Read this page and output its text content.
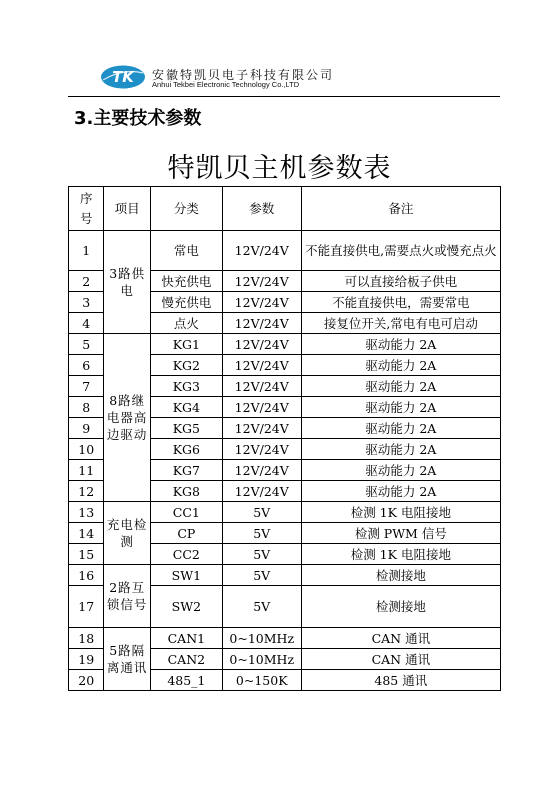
TK 安徽特凯贝电子科技有限公司
Anhui Tekbei Electronic Technology Co.,LTD
3.主要技术参数
特凯贝主机参数表
序号	项目	分类	参数	备注
1	3路供电	常电	12V/24V	不能直接供电,需要点火或慢充点火
2		快充供电	12V/24V	可以直接给板子供电
3		慢充供电	12V/24V	不能直接供电，需要常电
4		点火	12V/24V	接复位开关,常电有电可启动
5	8路继电器高边驱动	KG1	12V/24V	驱动能力 2A
6		KG2	12V/24V	驱动能力 2A
7		KG3	12V/24V	驱动能力 2A
8		KG4	12V/24V	驱动能力 2A
9		KG5	12V/24V	驱动能力 2A
10		KG6	12V/24V	驱动能力 2A
11		KG7	12V/24V	驱动能力 2A
12		KG8	12V/24V	驱动能力 2A
13	充电检测	CC1	5V	检测 1K 电阻接地
14		CP	5V	检测 PWM 信号
15		CC2	5V	检测 1K 电阻接地
16	2路互锁信号	SW1	5V	检测接地
17		SW2	5V	检测接地
18	5路隔离通讯	CAN1	0~10MHz	CAN 通讯
19		CAN2	0~10MHz	CAN 通讯
20		485_1	0~150K	485 通讯
